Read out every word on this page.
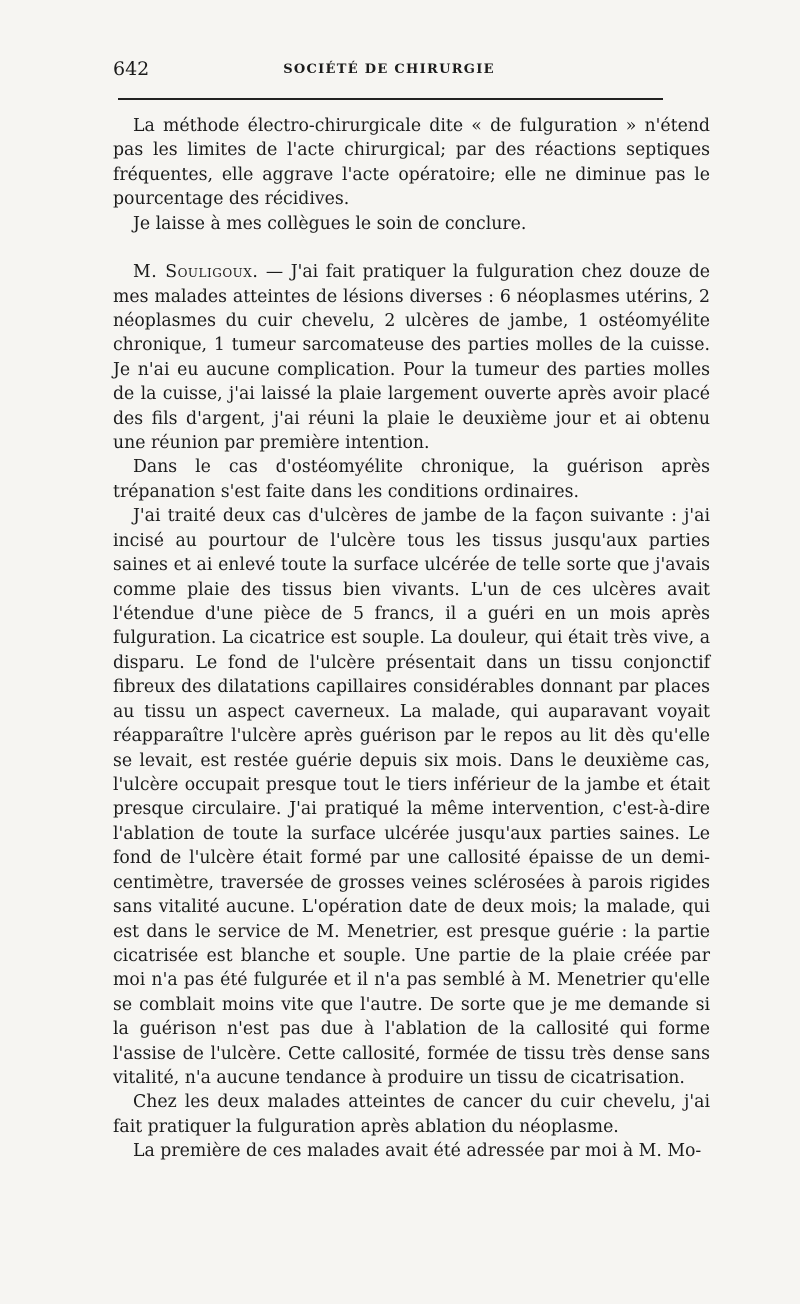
642	SOCIÉTÉ DE CHIRURGIE

La méthode électro-chirurgicale dite « de fulguration » n'étend pas les limites de l'acte chirurgical; par des réactions septiques fréquentes, elle aggrave l'acte opératoire; elle ne diminue pas le pourcentage des récidives.

Je laisse à mes collègues le soin de conclure.

M. Souligoux. — J'ai fait pratiquer la fulguration chez douze de mes malades atteintes de lésions diverses : 6 néoplasmes utérins, 2 néoplasmes du cuir chevelu, 2 ulcères de jambe, 1 ostéomyélite chronique, 1 tumeur sarcomateuse des parties molles de la cuisse. Je n'ai eu aucune complication. Pour la tumeur des parties molles de la cuisse, j'ai laissé la plaie largement ouverte après avoir placé des fils d'argent, j'ai réuni la plaie le deuxième jour et ai obtenu une réunion par première intention.

Dans le cas d'ostéomyélite chronique, la guérison après trépanation s'est faite dans les conditions ordinaires.

J'ai traité deux cas d'ulcères de jambe de la façon suivante : j'ai incisé au pourtour de l'ulcère tous les tissus jusqu'aux parties saines et ai enlevé toute la surface ulcérée de telle sorte que j'avais comme plaie des tissus bien vivants. L'un de ces ulcères avait l'étendue d'une pièce de 5 francs, il a guéri en un mois après fulguration. La cicatrice est souple. La douleur, qui était très vive, a disparu. Le fond de l'ulcère présentait dans un tissu conjonctif fibreux des dilatations capillaires considérables donnant par places au tissu un aspect caverneux. La malade, qui auparavant voyait réapparaître l'ulcère après guérison par le repos au lit dès qu'elle se levait, est restée guérie depuis six mois. Dans le deuxième cas, l'ulcère occupait presque tout le tiers inférieur de la jambe et était presque circulaire. J'ai pratiqué la même intervention, c'est-à-dire l'ablation de toute la surface ulcérée jusqu'aux parties saines. Le fond de l'ulcère était formé par une callosité épaisse de un demi-centimètre, traversée de grosses veines sclérosées à parois rigides sans vitalité aucune. L'opération date de deux mois; la malade, qui est dans le service de M. Menetrier, est presque guérie : la partie cicatrisée est blanche et souple. Une partie de la plaie créée par moi n'a pas été fulgurée et il n'a pas semblé à M. Menetrier qu'elle se comblait moins vite que l'autre. De sorte que je me demande si la guérison n'est pas due à l'ablation de la callosité qui forme l'assise de l'ulcère. Cette callosité, formée de tissu très dense sans vitalité, n'a aucune tendance à produire un tissu de cicatrisation.

Chez les deux malades atteintes de cancer du cuir chevelu, j'ai fait pratiquer la fulguration après ablation du néoplasme.

La première de ces malades avait été adressée par moi à M. Mo-
